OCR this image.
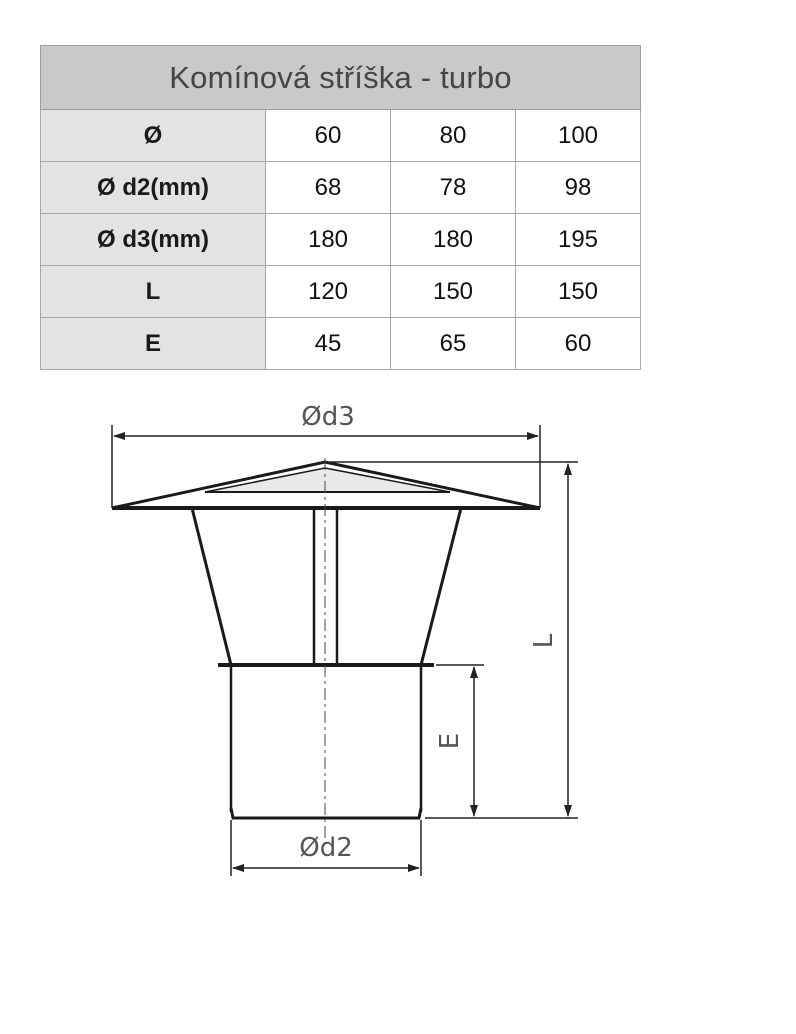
Komínová stříška - turbo			
Ø	60	80	100
Ø d2(mm)	68	78	98
Ø d3(mm)	180	180	195
L	120	150	150
E	45	65	60
Ød3
L
E
Ød2
